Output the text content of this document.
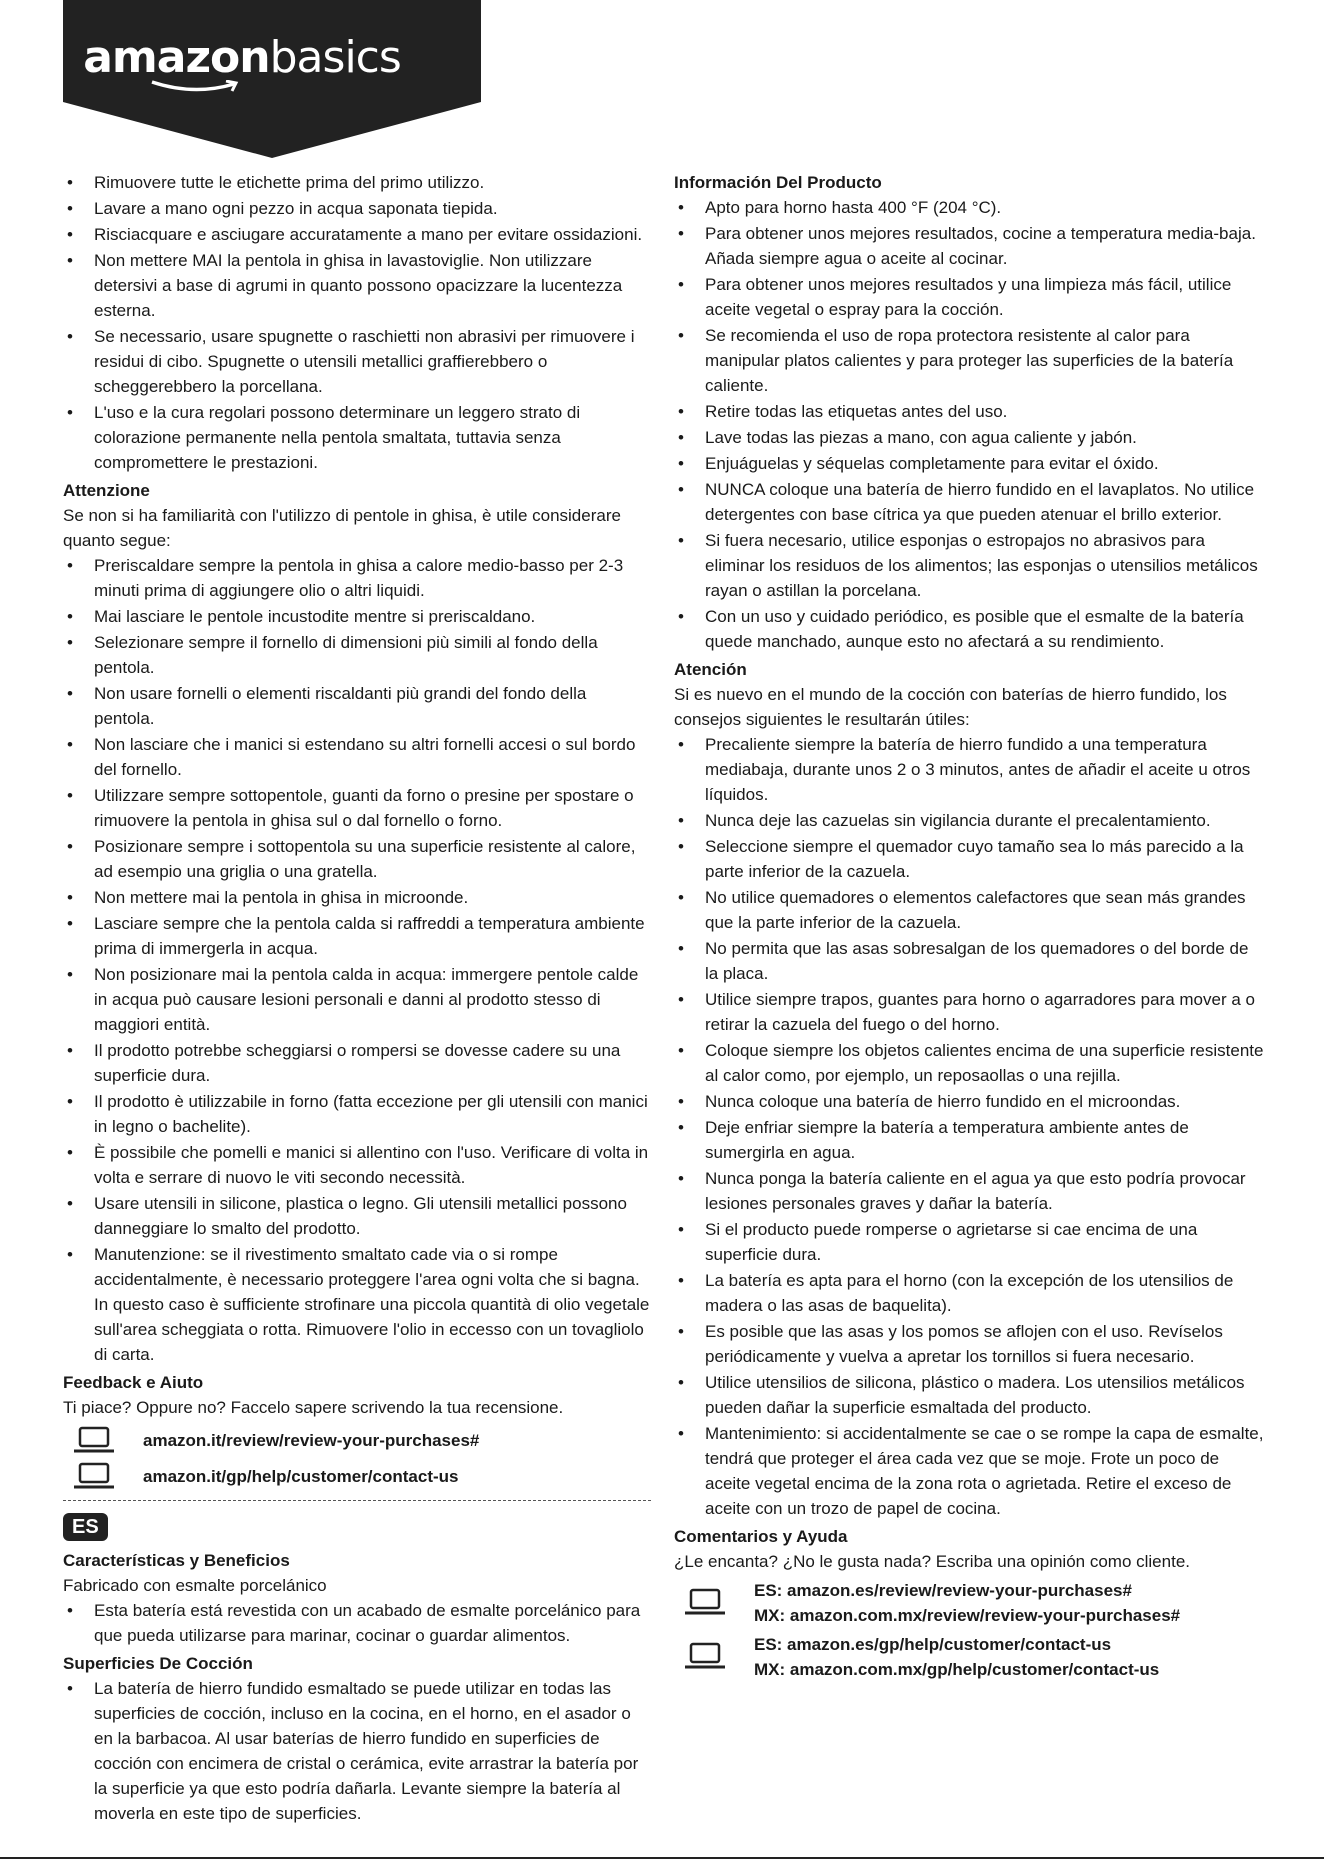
amazonbasics
• Rimuovere tutte le etichette prima del primo utilizzo.
• Lavare a mano ogni pezzo in acqua saponata tiepida.
• Risciacquare e asciugare accuratamente a mano per evitare ossidazioni.
• Non mettere MAI la pentola in ghisa in lavastoviglie. Non utilizzare detersivi a base di agrumi in quanto possono opacizzare la lucentezza esterna.
• Se necessario, usare spugnette o raschietti non abrasivi per rimuovere i residui di cibo. Spugnette o utensili metallici graffierebbero o scheggerebbero la porcellana.
• L'uso e la cura regolari possono determinare un leggero strato di colorazione permanente nella pentola smaltata, tuttavia senza compromettere le prestazioni.

Attenzione

Se non si ha familiarità con l'utilizzo di pentole in ghisa, è utile considerare quanto segue:

• Preriscaldare sempre la pentola in ghisa a calore medio-basso per 2-3 minuti prima di aggiungere olio o altri liquidi.
• Mai lasciare le pentole incustodite mentre si preriscaldano.
• Selezionare sempre il fornello di dimensioni più simili al fondo della pentola.
• Non usare fornelli o elementi riscaldanti più grandi del fondo della pentola.
• Non lasciare che i manici si estendano su altri fornelli accesi o sul bordo del fornello.
• Utilizzare sempre sottopentole, guanti da forno o presine per spostare o rimuovere la pentola in ghisa sul o dal fornello o forno.
• Posizionare sempre i sottopentola su una superficie resistente al calore, ad esempio una griglia o una gratella.
• Non mettere mai la pentola in ghisa in microonde.
• Lasciare sempre che la pentola calda si raffreddi a temperatura ambiente prima di immergerla in acqua.
• Non posizionare mai la pentola calda in acqua: immergere pentole calde in acqua può causare lesioni personali e danni al prodotto stesso di maggiori entità.
• Il prodotto potrebbe scheggiarsi o rompersi se dovesse cadere su una superficie dura.
• Il prodotto è utilizzabile in forno (fatta eccezione per gli utensili con manici in legno o bachelite).
• È possibile che pomelli e manici si allentino con l'uso. Verificare di volta in volta e serrare di nuovo le viti secondo necessità.
• Usare utensili in silicone, plastica o legno. Gli utensili metallici possono danneggiare lo smalto del prodotto.
• Manutenzione: se il rivestimento smaltato cade via o si rompe accidentalmente, è necessario proteggere l'area ogni volta che si bagna. In questo caso è sufficiente strofinare una piccola quantità di olio vegetale sull'area scheggiata o rotta. Rimuovere l'olio in eccesso con un tovagliolo di carta.

Feedback e Aiuto

Ti piace? Oppure no? Faccelo sapere scrivendo la tua recensione.

amazon.it/review/review-your-purchases#
amazon.it/gp/help/customer/contact-us
ES

Características y Beneficios

Fabricado con esmalte porcelánico

• Esta batería está revestida con un acabado de esmalte porcelánico para que pueda utilizarse para marinar, cocinar o guardar alimentos.

Superficies De Cocción

• La batería de hierro fundido esmaltado se puede utilizar en todas las superficies de cocción, incluso en la cocina, en el horno, en el asador o en la barbacoa. Al usar baterías de hierro fundido en superficies de cocción con encimera de cristal o cerámica, evite arrastrar la batería por la superficie ya que esto podría dañarla. Levante siempre la batería al moverla en este tipo de superficies.

Información Del Producto

• Apto para horno hasta 400 °F (204 °C).
• Para obtener unos mejores resultados, cocine a temperatura media-baja. Añada siempre agua o aceite al cocinar.
• Para obtener unos mejores resultados y una limpieza más fácil, utilice aceite vegetal o espray para la cocción.
• Se recomienda el uso de ropa protectora resistente al calor para manipular platos calientes y para proteger las superficies de la batería caliente.
• Retire todas las etiquetas antes del uso.
• Lave todas las piezas a mano, con agua caliente y jabón.
• Enjuáguelas y séquelas completamente para evitar el óxido.
• NUNCA coloque una batería de hierro fundido en el lavaplatos. No utilice detergentes con base cítrica ya que pueden atenuar el brillo exterior.
• Si fuera necesario, utilice esponjas o estropajos no abrasivos para eliminar los residuos de los alimentos; las esponjas o utensilios metálicos rayan o astillan la porcelana.
• Con un uso y cuidado periódico, es posible que el esmalte de la batería quede manchado, aunque esto no afectará a su rendimiento.

Atención

Si es nuevo en el mundo de la cocción con baterías de hierro fundido, los consejos siguientes le resultarán útiles:

• Precaliente siempre la batería de hierro fundido a una temperatura mediabaja, durante unos 2 o 3 minutos, antes de añadir el aceite u otros líquidos.
• Nunca deje las cazuelas sin vigilancia durante el precalentamiento.
• Seleccione siempre el quemador cuyo tamaño sea lo más parecido a la parte inferior de la cazuela.
• No utilice quemadores o elementos calefactores que sean más grandes que la parte inferior de la cazuela.
• No permita que las asas sobresalgan de los quemadores o del borde de la placa.
• Utilice siempre trapos, guantes para horno o agarradores para mover a o retirar la cazuela del fuego o del horno.
• Coloque siempre los objetos calientes encima de una superficie resistente al calor como, por ejemplo, un reposaollas o una rejilla.
• Nunca coloque una batería de hierro fundido en el microondas.
• Deje enfriar siempre la batería a temperatura ambiente antes de sumergirla en agua.
• Nunca ponga la batería caliente en el agua ya que esto podría provocar lesiones personales graves y dañar la batería.
• Si el producto puede romperse o agrietarse si cae encima de una superficie dura.
• La batería es apta para el horno (con la excepción de los utensilios de madera o las asas de baquelita).
• Es posible que las asas y los pomos se aflojen con el uso. Revíselos periódicamente y vuelva a apretar los tornillos si fuera necesario.
• Utilice utensilios de silicona, plástico o madera. Los utensilios metálicos pueden dañar la superficie esmaltada del producto.
• Mantenimiento: si accidentalmente se cae o se rompe la capa de esmalte, tendrá que proteger el área cada vez que se moje. Frote un poco de aceite vegetal encima de la zona rota o agrietada. Retire el exceso de aceite con un trozo de papel de cocina.

Comentarios y Ayuda

¿Le encanta? ¿No le gusta nada? Escriba una opinión como cliente.

ES: amazon.es/review/review-your-purchases#
MX: amazon.com.mx/review/review-your-purchases#
ES: amazon.es/gp/help/customer/contact-us
MX: amazon.com.mx/gp/help/customer/contact-us
